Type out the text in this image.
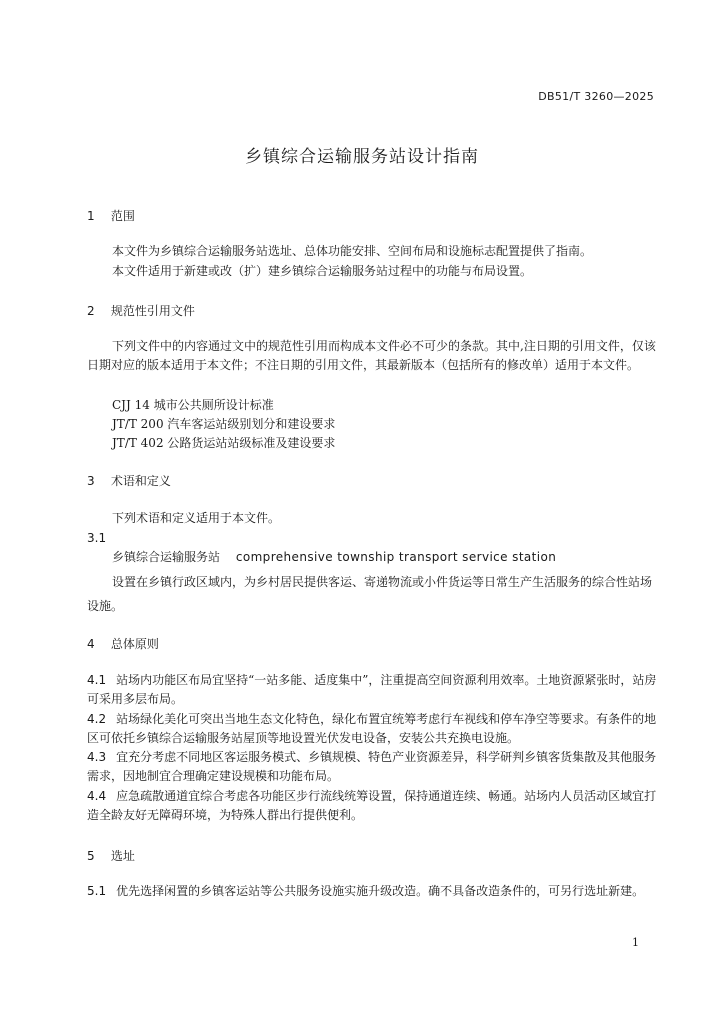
DB51/T 3260—2025
乡镇综合运输服务站设计指南
1 范围
本文件为乡镇综合运输服务站选址、总体功能安排、空间布局和设施标志配置提供了指南。
本文件适用于新建或改（扩）建乡镇综合运输服务站过程中的功能与布局设置。
2 规范性引用文件
下列文件中的内容通过文中的规范性引用而构成本文件必不可少的条款。其中,注日期的引用文件，仅该日期对应的版本适用于本文件；不注日期的引用文件，其最新版本（包括所有的修改单）适用于本文件。
CJJ 14 城市公共厕所设计标准
JT/T 200 汽车客运站级别划分和建设要求
JT/T 402 公路货运站站级标准及建设要求
3 术语和定义
下列术语和定义适用于本文件。
3.1
乡镇综合运输服务站 comprehensive township transport service station
设置在乡镇行政区域内，为乡村居民提供客运、寄递物流或小件货运等日常生产生活服务的综合性站场设施。
4 总体原则
4.1 站场内功能区布局宜坚持“一站多能、适度集中”，注重提高空间资源利用效率。土地资源紧张时，站房可采用多层布局。
4.2 站场绿化美化可突出当地生态文化特色，绿化布置宜统筹考虑行车视线和停车净空等要求。有条件的地区可依托乡镇综合运输服务站屋顶等地设置光伏发电设备，安装公共充换电设施。
4.3 宜充分考虑不同地区客运服务模式、乡镇规模、特色产业资源差异，科学研判乡镇客货集散及其他服务需求，因地制宜合理确定建设规模和功能布局。
4.4 应急疏散通道宜综合考虑各功能区步行流线统筹设置，保持通道连续、畅通。站场内人员活动区域宜打造全龄友好无障碍环境，为特殊人群出行提供便利。
5 选址
5.1 优先选择闲置的乡镇客运站等公共服务设施实施升级改造。确不具备改造条件的，可另行选址新建。
1
